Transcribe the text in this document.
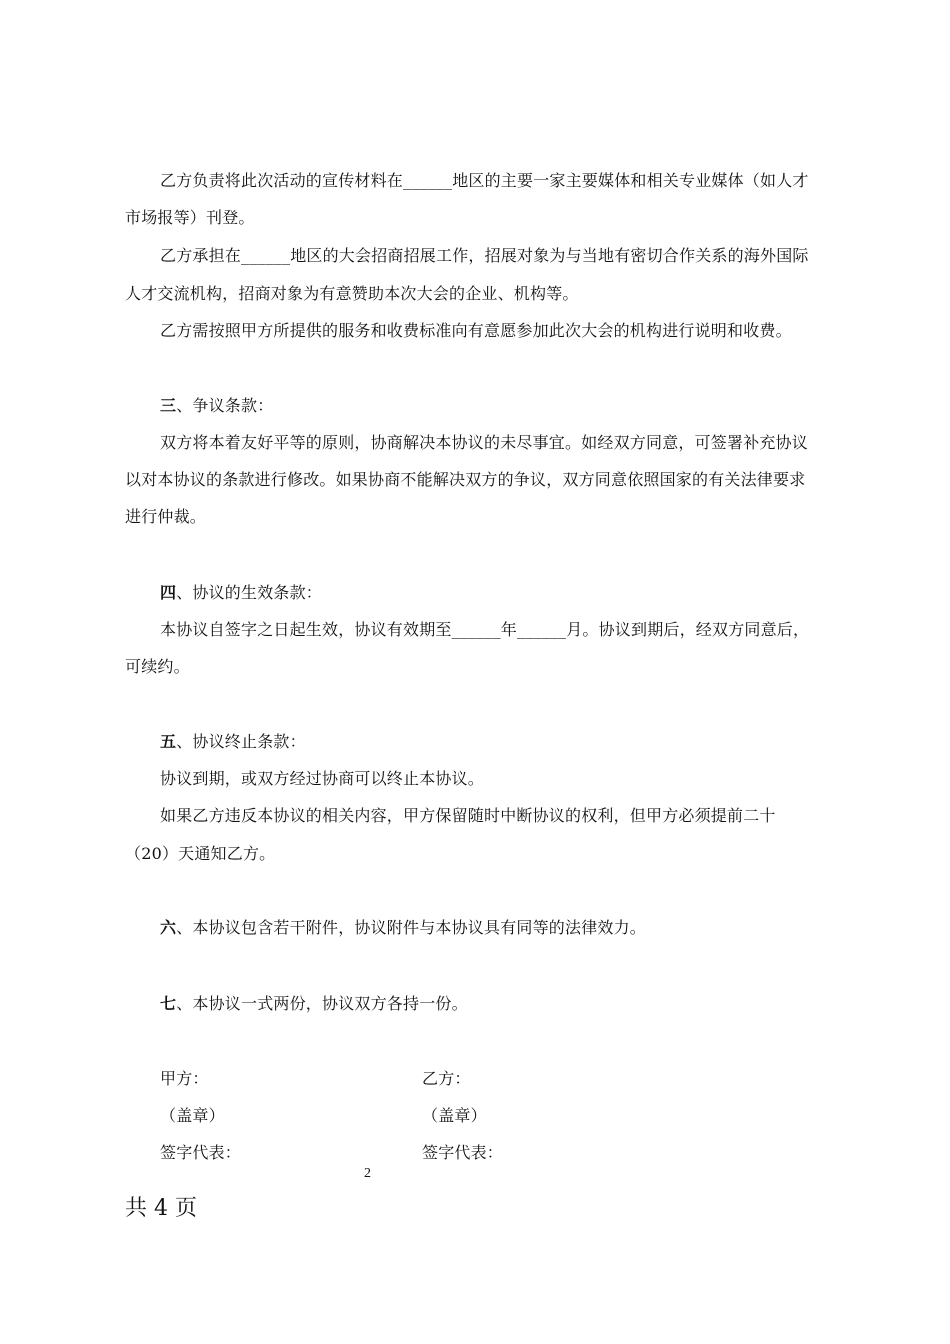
乙方负责将此次活动的宣传材料在______地区的主要一家主要媒体和相关专业媒体（如人才
市场报等）刊登。
乙方承担在______地区的大会招商招展工作，招展对象为与当地有密切合作关系的海外国际
人才交流机构，招商对象为有意赞助本次大会的企业、机构等。
乙方需按照甲方所提供的服务和收费标准向有意愿参加此次大会的机构进行说明和收费。
三、争议条款：
双方将本着友好平等的原则，协商解决本协议的未尽事宜。如经双方同意，可签署补充协议
以对本协议的条款进行修改。如果协商不能解决双方的争议，双方同意依照国家的有关法律要求
进行仲裁。
四、协议的生效条款：
本协议自签字之日起生效，协议有效期至______年______月。协议到期后，经双方同意后，
可续约。
五、协议终止条款：
协议到期，或双方经过协商可以终止本协议。
如果乙方违反本协议的相关内容，甲方保留随时中断协议的权利，但甲方必须提前二十
（20）天通知乙方。
六、本协议包含若干附件，协议附件与本协议具有同等的法律效力。
七、本协议一式两份，协议双方各持一份。
甲方：	乙方：
（盖章）	（盖章）
签字代表：	签字代表：
2
共 4 页
